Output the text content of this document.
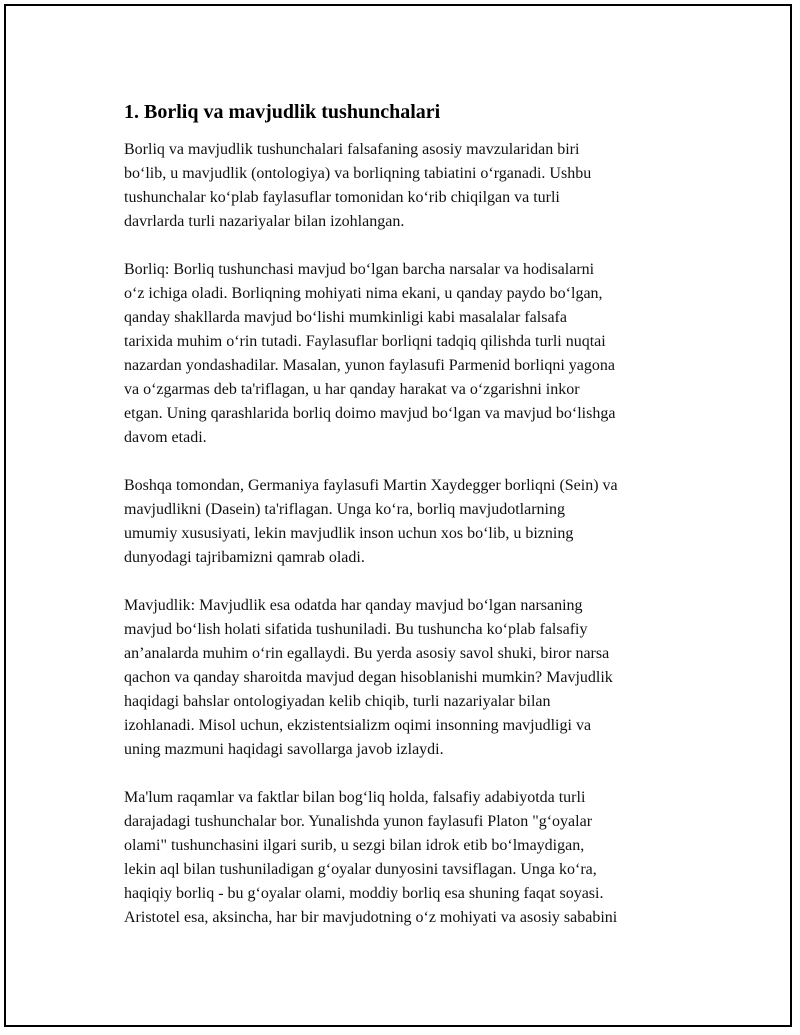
1. Borliq va mavjudlik tushunchalari

Borliq va mavjudlik tushunchalari falsafaning asosiy mavzularidan biri
bo‘lib, u mavjudlik (ontologiya) va borliqning tabiatini o‘rganadi. Ushbu
tushunchalar ko‘plab faylasuflar tomonidan ko‘rib chiqilgan va turli
davrlarda turli nazariyalar bilan izohlangan.

Borliq: Borliq tushunchasi mavjud bo‘lgan barcha narsalar va hodisalarni
o‘z ichiga oladi. Borliqning mohiyati nima ekani, u qanday paydo bo‘lgan,
qanday shakllarda mavjud bo‘lishi mumkinligi kabi masalalar falsafa
tarixida muhim o‘rin tutadi. Faylasuflar borliqni tadqiq qilishda turli nuqtai
nazardan yondashadilar. Masalan, yunon faylasufi Parmenid borliqni yagona
va o‘zgarmas deb ta'riflagan, u har qanday harakat va o‘zgarishni inkor
etgan. Uning qarashlarida borliq doimo mavjud bo‘lgan va mavjud bo‘lishga
davom etadi.

Boshqa tomondan, Germaniya faylasufi Martin Xaydegger borliqni (Sein) va
mavjudlikni (Dasein) ta'riflagan. Unga ko‘ra, borliq mavjudotlarning
umumiy xususiyati, lekin mavjudlik inson uchun xos bo‘lib, u bizning
dunyodagi tajribamizni qamrab oladi.

Mavjudlik: Mavjudlik esa odatda har qanday mavjud bo‘lgan narsaning
mavjud bo‘lish holati sifatida tushuniladi. Bu tushuncha ko‘plab falsafiy
an’analarda muhim o‘rin egallaydi. Bu yerda asosiy savol shuki, biror narsa
qachon va qanday sharoitda mavjud degan hisoblanishi mumkin? Mavjudlik
haqidagi bahslar ontologiyadan kelib chiqib, turli nazariyalar bilan
izohlanadi. Misol uchun, ekzistentsializm oqimi insonning mavjudligi va
uning mazmuni haqidagi savollarga javob izlaydi.

Ma'lum raqamlar va faktlar bilan bog‘liq holda, falsafiy adabiyotda turli
darajadagi tushunchalar bor. Yunalishda yunon faylasufi Platon "g‘oyalar
olami" tushunchasini ilgari surib, u sezgi bilan idrok etib bo‘lmaydigan,
lekin aql bilan tushuniladigan g‘oyalar dunyosini tavsiflagan. Unga ko‘ra,
haqiqiy borliq - bu g‘oyalar olami, moddiy borliq esa shuning faqat soyasi.
Aristotel esa, aksincha, har bir mavjudotning o‘z mohiyati va asosiy sababini
